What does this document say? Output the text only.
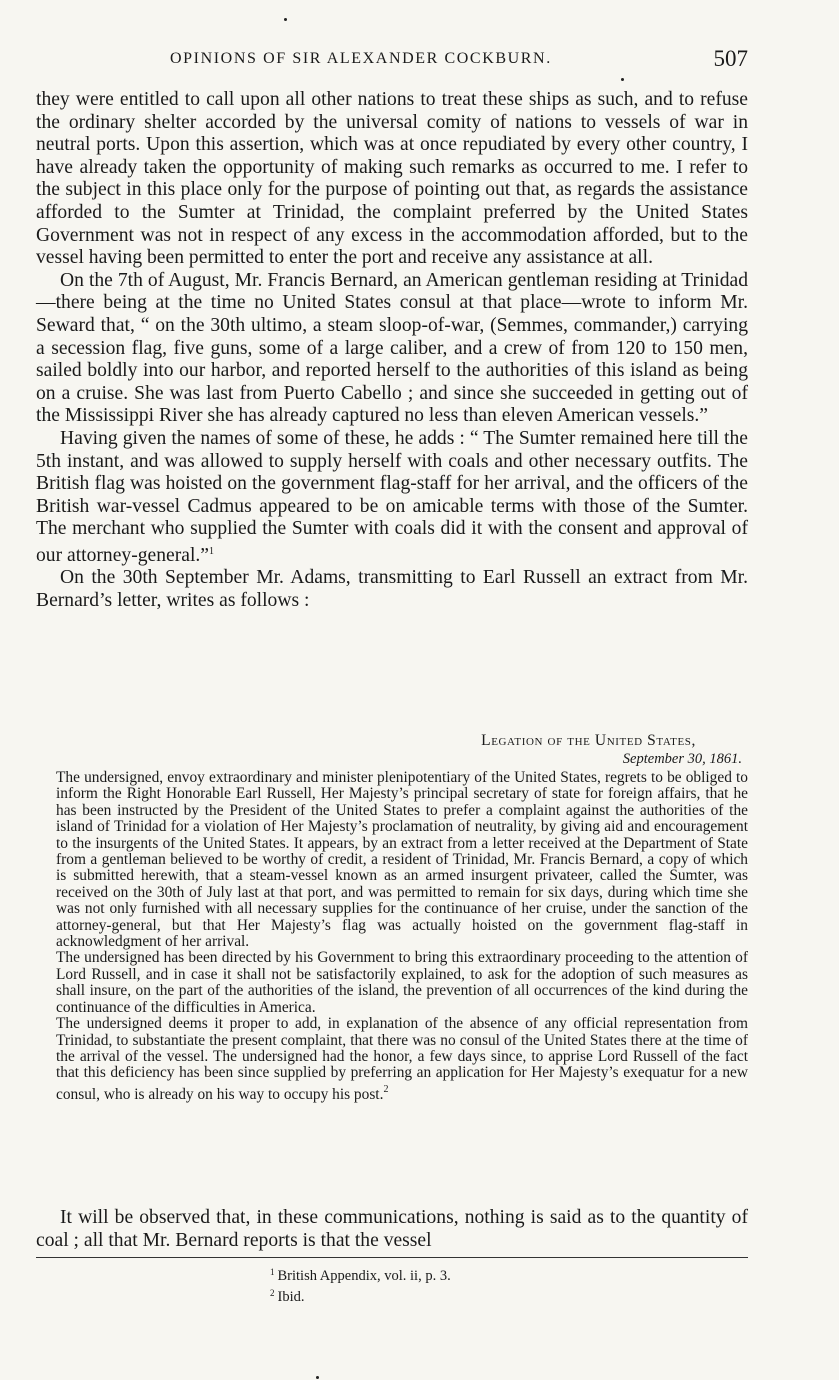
OPINIONS OF SIR ALEXANDER COCKBURN.	507

they were entitled to call upon all other nations to treat these ships as such, and to refuse the ordinary shelter accorded by the universal comity of nations to vessels of war in neutral ports. Upon this assertion, which was at once repudiated by every other country, I have already taken the opportunity of making such remarks as occurred to me. I refer to the subject in this place only for the purpose of pointing out that, as regards the assistance afforded to the Sumter at Trinidad, the complaint preferred by the United States Government was not in respect of any excess in the accommodation afforded, but to the vessel having been permitted to enter the port and receive any assistance at all.

On the 7th of August, Mr. Francis Bernard, an American gentleman residing at Trinidad—there being at the time no United States consul at that place—wrote to inform Mr. Seward that, “ on the 30th ultimo, a steam sloop-of-war, (Semmes, commander,) carrying a secession flag, five guns, some of a large caliber, and a crew of from 120 to 150 men, sailed boldly into our harbor, and reported herself to the authorities of this island as being on a cruise. She was last from Puerto Cabello ; and since she succeeded in getting out of the Mississippi River she has already captured no less than eleven American vessels.”

Having given the names of some of these, he adds : “ The Sumter remained here till the 5th instant, and was allowed to supply herself with coals and other necessary outfits. The British flag was hoisted on the government flag-staff for her arrival, and the officers of the British war-vessel Cadmus appeared to be on amicable terms with those of the Sumter. The merchant who supplied the Sumter with coals did it with the consent and approval of our attorney-general.”$^1$

On the 30th September Mr. Adams, transmitting to Earl Russell an extract from Mr. Bernard’s letter, writes as follows :

Legation of the United States,
September 30, 1861.

The undersigned, envoy extraordinary and minister plenipotentiary of the United States, regrets to be obliged to inform the Right Honorable Earl Russell, Her Majesty’s principal secretary of state for foreign affairs, that he has been instructed by the President of the United States to prefer a complaint against the authorities of the island of Trinidad for a violation of Her Majesty’s proclamation of neutrality, by giving aid and encouragement to the insurgents of the United States. It appears, by an extract from a letter received at the Department of State from a gentleman believed to be worthy of credit, a resident of Trinidad, Mr. Francis Bernard, a copy of which is submitted herewith, that a steam-vessel known as an armed insurgent privateer, called the Sumter, was received on the 30th of July last at that port, and was permitted to remain for six days, during which time she was not only furnished with all necessary supplies for the continuance of her cruise, under the sanction of the attorney-general, but that Her Majesty’s flag was actually hoisted on the government flag-staff in acknowledgment of her arrival.

The undersigned has been directed by his Government to bring this extraordinary proceeding to the attention of Lord Russell, and in case it shall not be satisfactorily explained, to ask for the adoption of such measures as shall insure, on the part of the authorities of the island, the prevention of all occurrences of the kind during the continuance of the difficulties in America.

The undersigned deems it proper to add, in explanation of the absence of any official representation from Trinidad, to substantiate the present complaint, that there was no consul of the United States there at the time of the arrival of the vessel. The undersigned had the honor, a few days since, to apprise Lord Russell of the fact that this deficiency has been since supplied by preferring an application for Her Majesty’s exequatur for a new consul, who is already on his way to occupy his post.$^2$

It will be observed that, in these communications, nothing is said as to the quantity of coal ; all that Mr. Bernard reports is that the vessel

$^1$ British Appendix, vol. ii, p. 3.
$^2$ Ibid.
